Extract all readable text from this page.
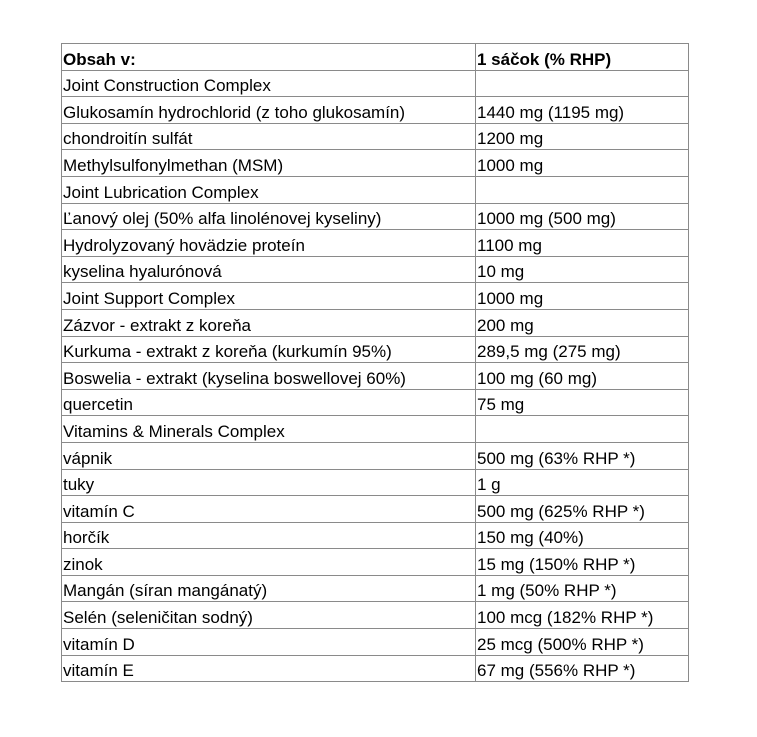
Obsah v:	1 sáčok (% RHP)
Joint Construction Complex	
Glukosamín hydrochlorid (z toho glukosamín)	1440 mg (1195 mg)
chondroitín sulfát	1200 mg
Methylsulfonylmethan (MSM)	1000 mg
Joint Lubrication Complex	
Ľanový olej (50% alfa linolénovej kyseliny)	1000 mg (500 mg)
Hydrolyzovaný hovädzie proteín	1100 mg
kyselina hyalurónová	10 mg
Joint Support Complex	1000 mg
Zázvor - extrakt z koreňa	200 mg
Kurkuma - extrakt z koreňa (kurkumín 95%)	289,5 mg (275 mg)
Boswelia - extrakt (kyselina boswellovej 60%)	100 mg (60 mg)
quercetin	75 mg
Vitamins & Minerals Complex	
vápnik	500 mg (63% RHP *)
tuky	1 g
vitamín C	500 mg (625% RHP *)
horčík	150 mg (40%)
zinok	15 mg (150% RHP *)
Mangán (síran mangánatý)	1 mg (50% RHP *)
Selén (seleničitan sodný)	100 mcg (182% RHP *)
vitamín D	25 mcg (500% RHP *)
vitamín E	67 mg (556% RHP *)
